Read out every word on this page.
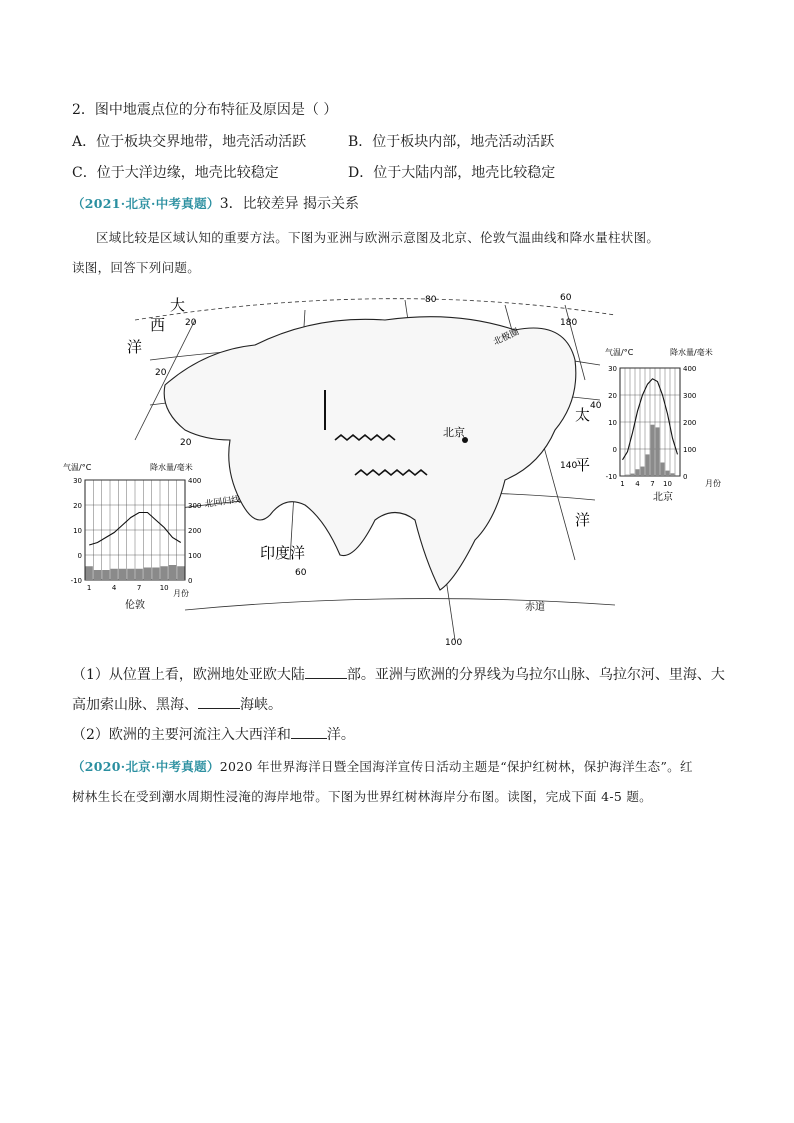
2．图中地震点位的分布特征及原因是（ ）
A．位于板块交界地带，地壳活动活跃	B．位于板块内部，地壳活动活跃
C．位于大洋边缘，地壳比较稳定	D．位于大陆内部，地壳比较稳定
（2021·北京·中考真题）3．比较差异 揭示关系
区域比较是区域认知的重要方法。下图为亚洲与欧洲示意图及北京、伦敦气温曲线和降水量柱状图。
读图，回答下列问题。
大
西
洋
太
平
洋
印度洋
北京
北回归线
北极圈
赤道
20
20
20
60
80
100
140
180
60
40
气温/°C	降水量/毫米
-10
0
10
20
30
0
100
200
300
400
1	4	7	10
月份
伦敦
气温/°C	降水量/毫米
-10
0
10
20
30
0
100
200
300
400
1 4 7 10	月份
北京
（1）从位置上看，欧洲地处亚欧大陆	部。亚洲与欧洲的分界线为乌拉尔山脉、乌拉尔河、里海、大
高加索山脉、黑海、	海峡。
（2）欧洲的主要河流注入大西洋和	洋。
（2020·北京·中考真题）2020 年世界海洋日暨全国海洋宣传日活动主题是“保护红树林，保护海洋生态”。红
树林生长在受到潮水周期性浸淹的海岸地带。下图为世界红树林海岸分布图。读图，完成下面 4-5 题。
